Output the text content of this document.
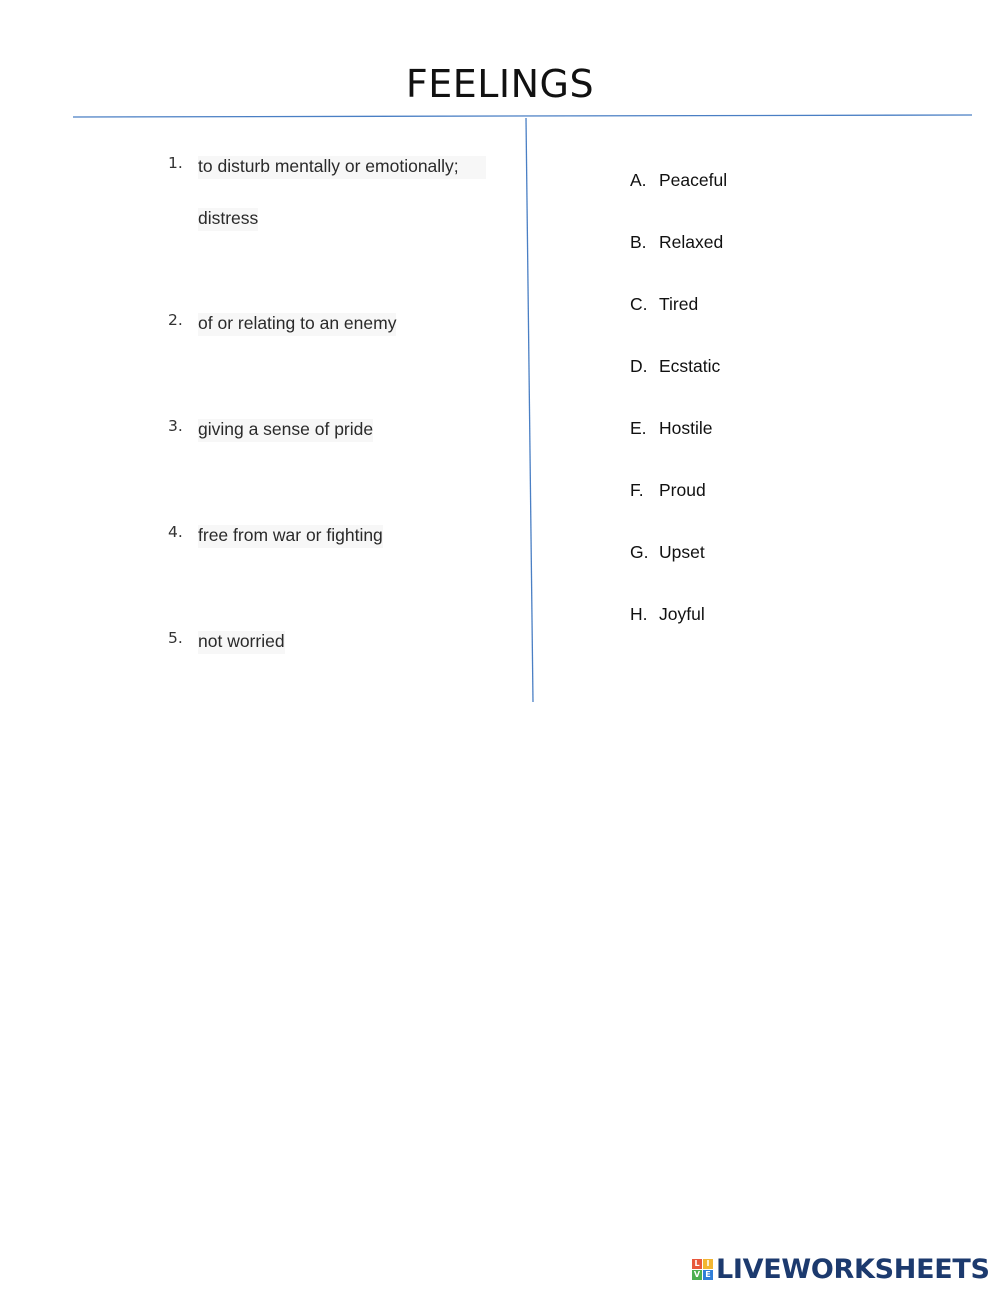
FEELINGS
1. to disturb mentally or emotionally;
distress
2. of or relating to an enemy
3. giving a sense of pride
4. free from war or fighting
5. not worried
A. Peaceful
B. Relaxed
C. Tired
D. Ecstatic
E. Hostile
F. Proud
G. Upset
H. Joyful
L I
V E LIVEWORKSHEETS
